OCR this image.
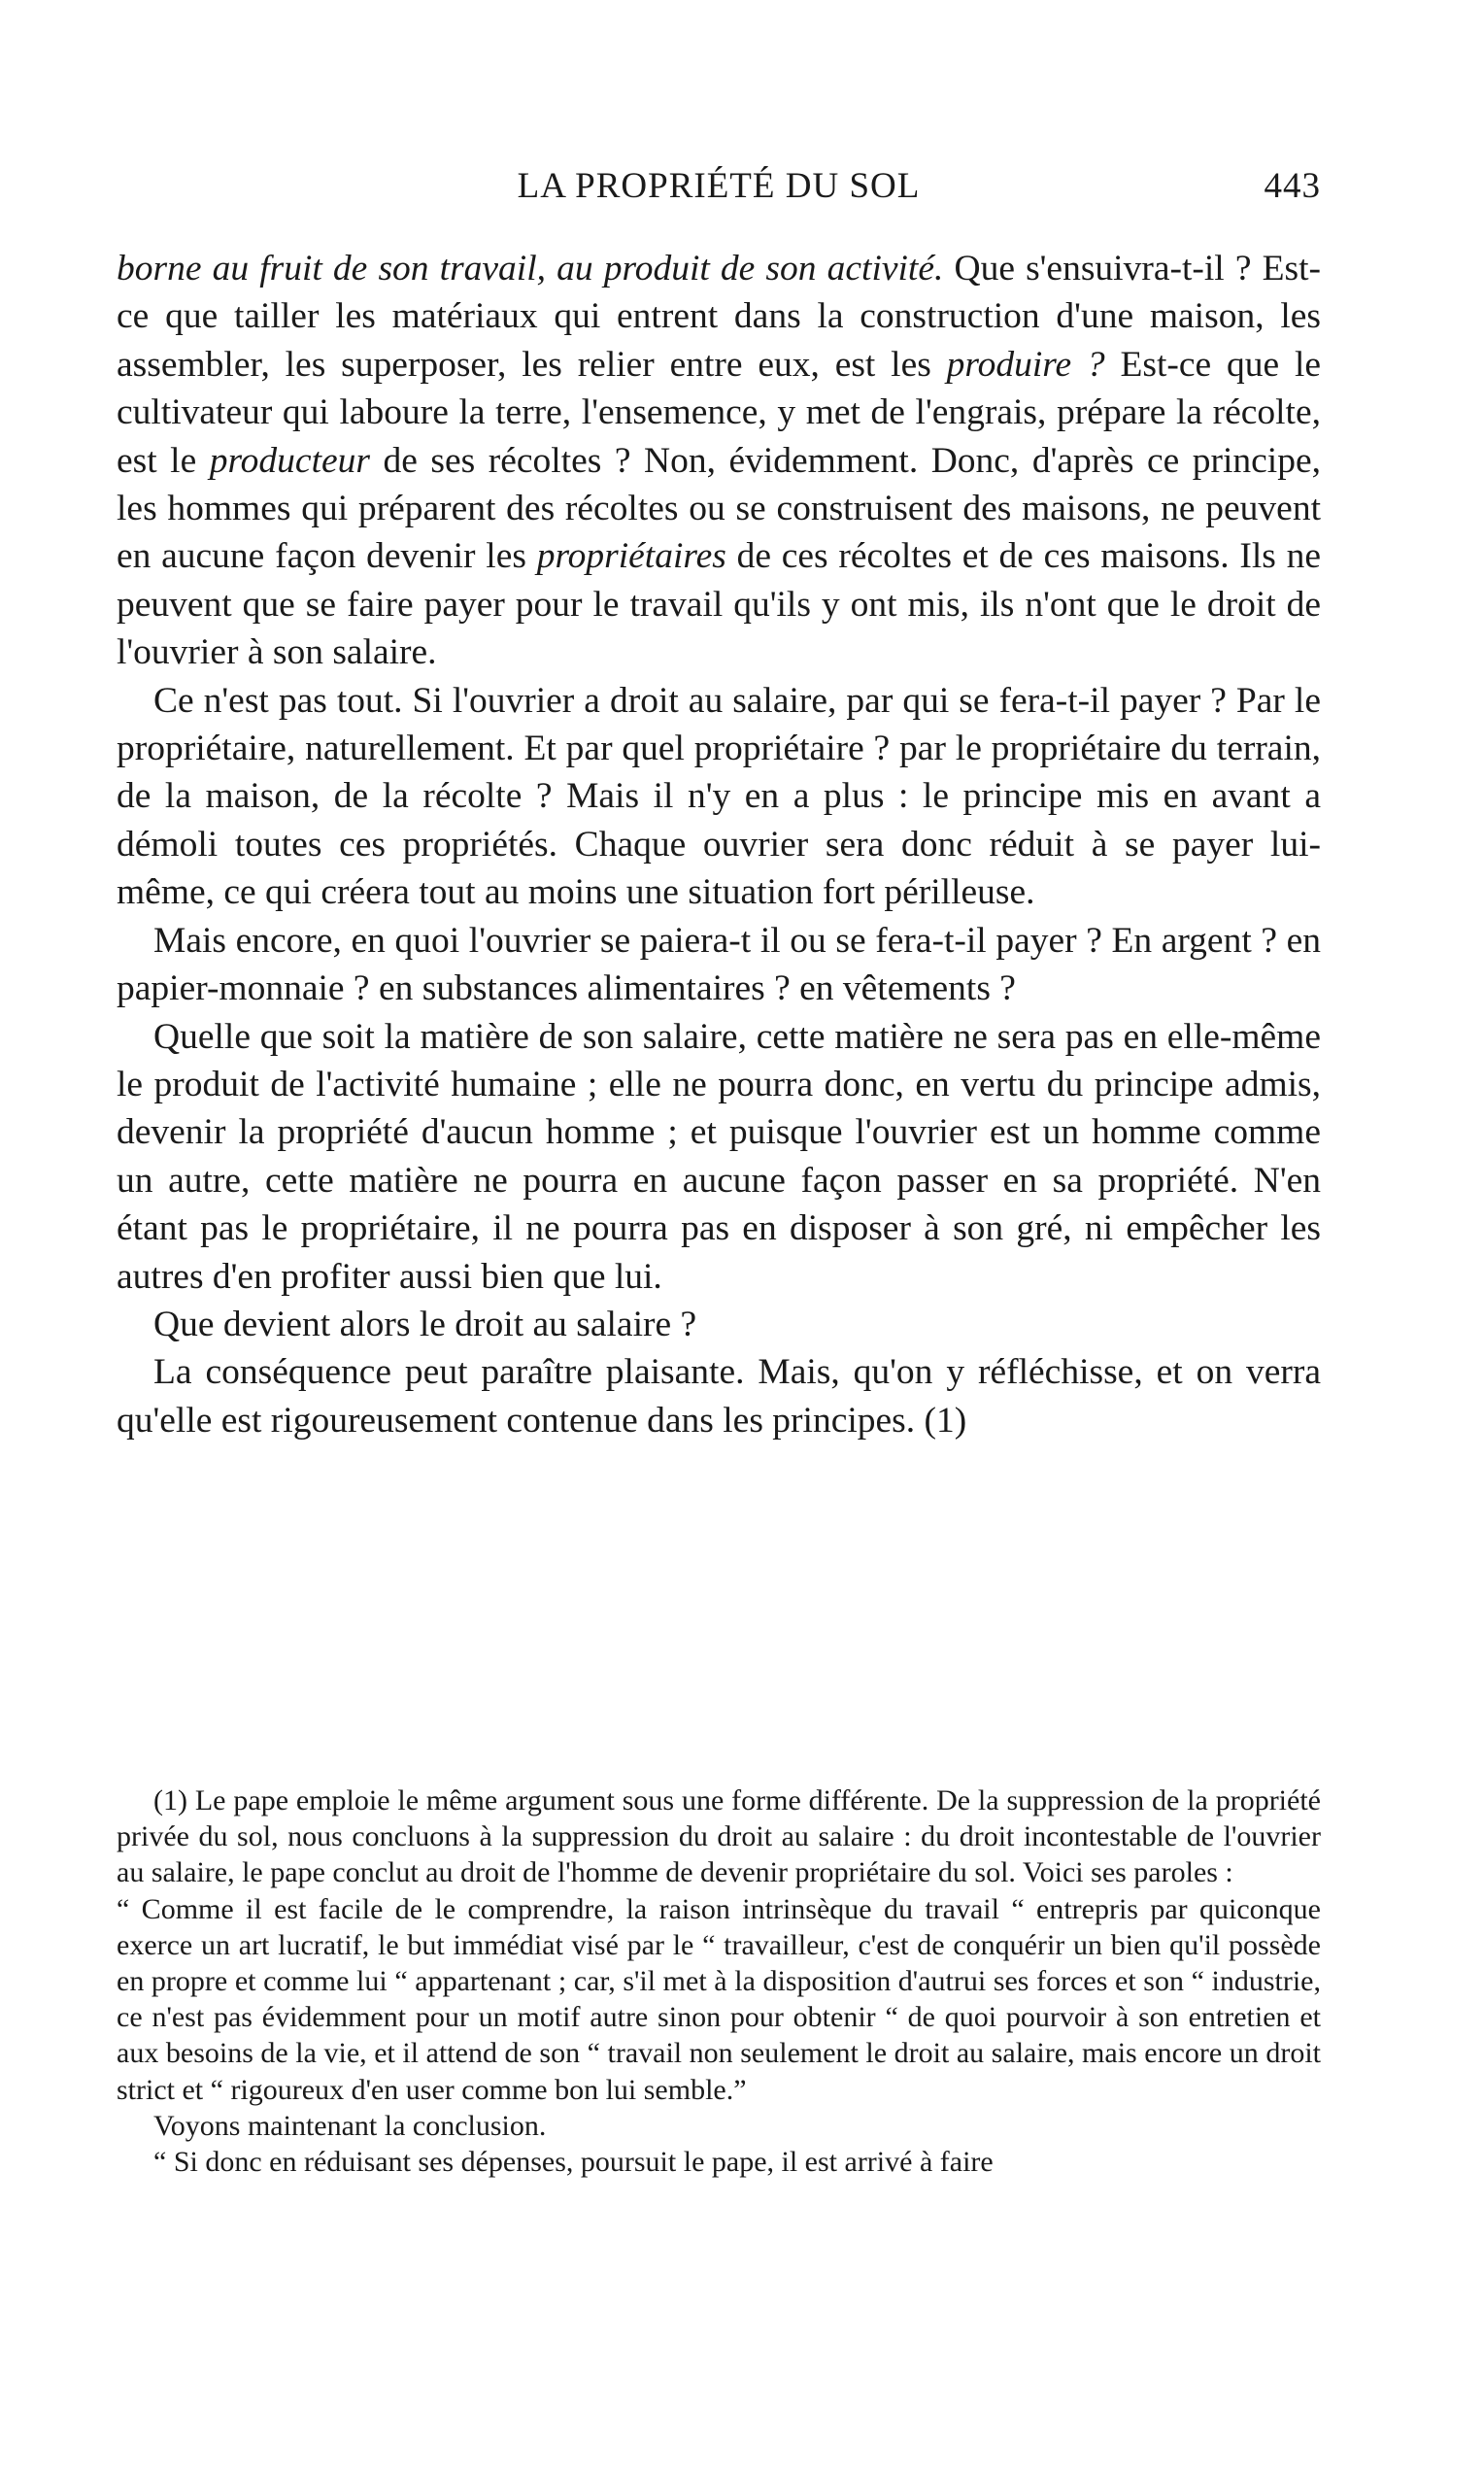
LA PROPRIÉTÉ DU SOL	443

borne au fruit de son travail, au produit de son activité. Que s'ensuivra-t-il ? Est-ce que tailler les matériaux qui entrent dans la construction d'une maison, les assembler, les superposer, les relier entre eux, est les produire ? Est-ce que le cultivateur qui laboure la terre, l'ensemence, y met de l'engrais, prépare la récolte, est le producteur de ses récoltes ? Non, évidemment. Donc, d'après ce principe, les hommes qui préparent des récoltes ou se construisent des maisons, ne peuvent en aucune façon devenir les propriétaires de ces récoltes et de ces maisons. Ils ne peuvent que se faire payer pour le travail qu'ils y ont mis, ils n'ont que le droit de l'ouvrier à son salaire.

Ce n'est pas tout. Si l'ouvrier a droit au salaire, par qui se fera-t-il payer ? Par le propriétaire, naturellement. Et par quel propriétaire ? par le propriétaire du terrain, de la maison, de la récolte ? Mais il n'y en a plus : le principe mis en avant a démoli toutes ces propriétés. Chaque ouvrier sera donc réduit à se payer lui-même, ce qui créera tout au moins une situation fort périlleuse.

Mais encore, en quoi l'ouvrier se paiera-t il ou se fera-t-il payer ? En argent ? en papier-monnaie ? en substances alimentaires ? en vêtements ?

Quelle que soit la matière de son salaire, cette matière ne sera pas en elle-même le produit de l'activité humaine ; elle ne pourra donc, en vertu du principe admis, devenir la propriété d'aucun homme ; et puisque l'ouvrier est un homme comme un autre, cette matière ne pourra en aucune façon passer en sa propriété. N'en étant pas le propriétaire, il ne pourra pas en disposer à son gré, ni empêcher les autres d'en profiter aussi bien que lui.

Que devient alors le droit au salaire ?

La conséquence peut paraître plaisante. Mais, qu'on y réfléchisse, et on verra qu'elle est rigoureusement contenue dans les principes. (1)

(1) Le pape emploie le même argument sous une forme différente. De la suppression de la propriété privée du sol, nous concluons à la suppression du droit au salaire : du droit incontestable de l'ouvrier au salaire, le pape conclut au droit de l'homme de devenir propriétaire du sol. Voici ses paroles :

“ Comme il est facile de le comprendre, la raison intrinsèque du travail “ entrepris par quiconque exerce un art lucratif, le but immédiat visé par le “ travailleur, c'est de conquérir un bien qu'il possède en propre et comme lui “ appartenant ; car, s'il met à la disposition d'autrui ses forces et son “ industrie, ce n'est pas évidemment pour un motif autre sinon pour obtenir “ de quoi pourvoir à son entretien et aux besoins de la vie, et il attend de son “ travail non seulement le droit au salaire, mais encore un droit strict et “ rigoureux d'en user comme bon lui semble.”

Voyons maintenant la conclusion.

“ Si donc en réduisant ses dépenses, poursuit le pape, il est arrivé à faire
